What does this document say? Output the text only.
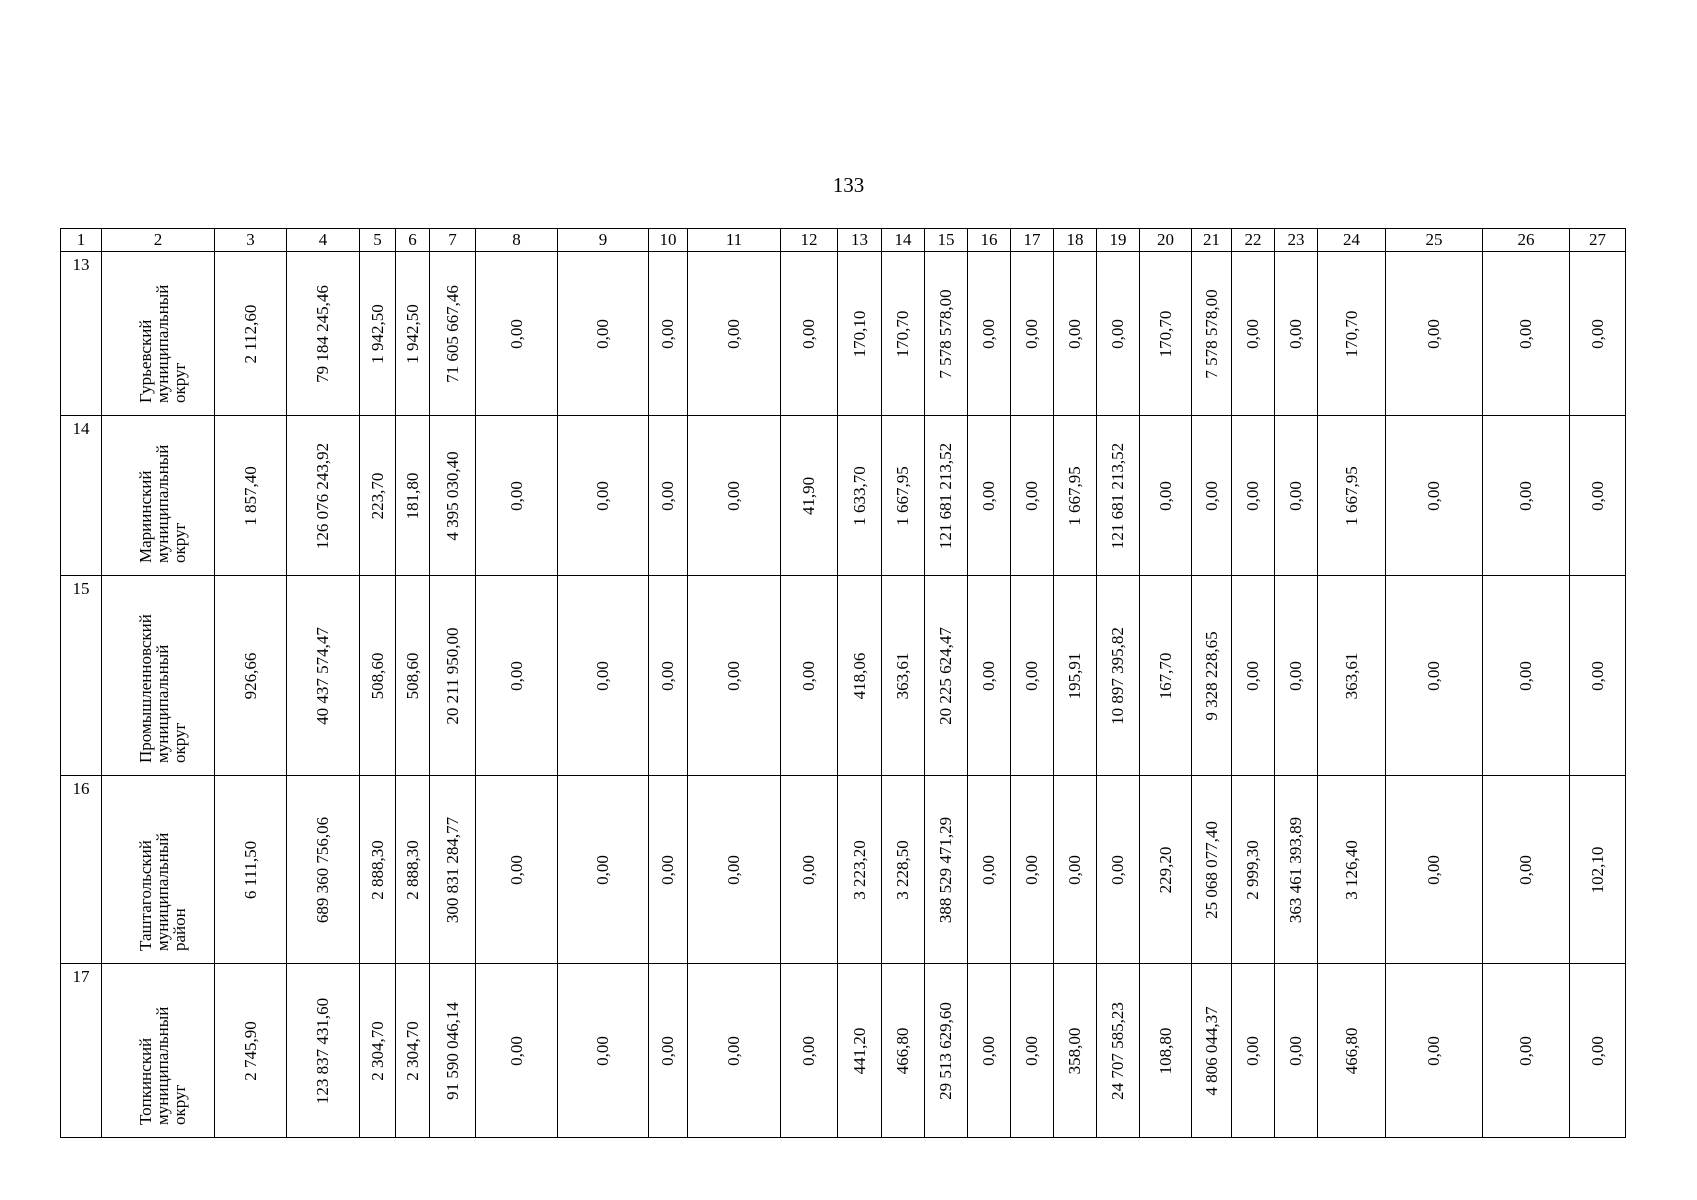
133
1	2	3	4	5	6	7	8	9	10	11	12	13	14	15	16	17	18	19	20	21	22	23	24	25	26	27

13	Гурьевский
муниципальный
округ	2 112,60	79 184 245,46	1 942,50	1 942,50	71 605 667,46	0,00	0,00	0,00	0,00	0,00	170,10	170,70	7 578 578,00	0,00	0,00	0,00	0,00	170,70	7 578 578,00	0,00	0,00	170,70	0,00	0,00	0,00

14	Мариинский
муниципальный
округ	1 857,40	126 076 243,92	223,70	181,80	4 395 030,40	0,00	0,00	0,00	0,00	41,90	1 633,70	1 667,95	121 681 213,52	0,00	0,00	1 667,95	121 681 213,52	0,00	0,00	0,00	0,00	1 667,95	0,00	0,00	0,00

15	Промышленновский
муниципальный
округ	926,66	40 437 574,47	508,60	508,60	20 211 950,00	0,00	0,00	0,00	0,00	0,00	418,06	363,61	20 225 624,47	0,00	0,00	195,91	10 897 395,82	167,70	9 328 228,65	0,00	0,00	363,61	0,00	0,00	0,00

16	Таштагольский
муниципальный
район	6 111,50	689 360 756,06	2 888,30	2 888,30	300 831 284,77	0,00	0,00	0,00	0,00	0,00	3 223,20	3 228,50	388 529 471,29	0,00	0,00	0,00	0,00	229,20	25 068 077,40	2 999,30	363 461 393,89	3 126,40	0,00	0,00	102,10

17	Топкинский
муниципальный
округ	2 745,90	123 837 431,60	2 304,70	2 304,70	91 590 046,14	0,00	0,00	0,00	0,00	0,00	441,20	466,80	29 513 629,60	0,00	0,00	358,00	24 707 585,23	108,80	4 806 044,37	0,00	0,00	466,80	0,00	0,00	0,00
